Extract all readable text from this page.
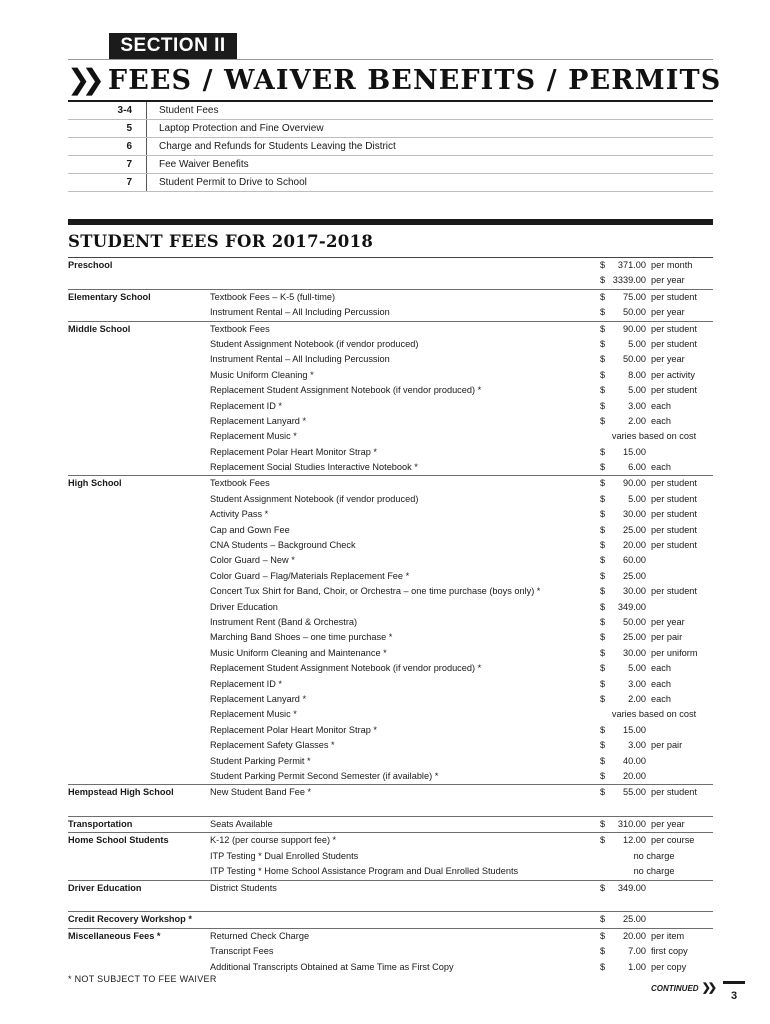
SECTION II
❯❯ FEES / WAIVER BENEFITS / PERMITS
3-4	Student Fees
5	Laptop Protection and Fine Overview
6	Charge and Refunds for Students Leaving the District
7	Fee Waiver Benefits
7	Student Permit to Drive to School
STUDENT FEES FOR 2017-2018
Preschool	$	371.00 per month
$ 3339.00 per year
Elementary School	Textbook Fees – K-5 (full-time)	$	75.00 per student
Instrument Rental – All Including Percussion	$	50.00 per year
Middle School	Textbook Fees	$	90.00 per student
Student Assignment Notebook (if vendor produced)	$	5.00 per student
Instrument Rental – All Including Percussion	$	50.00 per year
Music Uniform Cleaning *	$	8.00 per activity
Replacement Student Assignment Notebook (if vendor produced) *	$	5.00 per student
Replacement ID *	$	3.00 each
Replacement Lanyard *	$	2.00 each
Replacement Music *	varies based on cost
Replacement Polar Heart Monitor Strap *	$	15.00
Replacement Social Studies Interactive Notebook *	$	6.00 each
High School	Textbook Fees	$	90.00 per student
Student Assignment Notebook (if vendor produced)	$	5.00 per student
Activity Pass *	$	30.00 per student
Cap and Gown Fee	$	25.00 per student
CNA Students – Background Check	$	20.00 per student
Color Guard – New *	$	60.00
Color Guard – Flag/Materials Replacement Fee *	$	25.00
Concert Tux Shirt for Band, Choir, or Orchestra – one time purchase (boys only) *	$	30.00 per student
Driver Education	$	349.00
Instrument Rent (Band & Orchestra)	$	50.00 per year
Marching Band Shoes – one time purchase *	$	25.00 per pair
Music Uniform Cleaning and Maintenance *	$	30.00 per uniform
Replacement Student Assignment Notebook (if vendor produced) *	$	5.00 each
Replacement ID *	$	3.00 each
Replacement Lanyard *	$	2.00 each
Replacement Music *	varies based on cost
Replacement Polar Heart Monitor Strap *	$	15.00
Replacement Safety Glasses *	$	3.00 per pair
Student Parking Permit *	$	40.00
Student Parking Permit Second Semester (if available) *	$	20.00
Hempstead High School	New Student Band Fee *	$	55.00 per student
Transportation	Seats Available	$	310.00 per year
Home School Students	K-12 (per course support fee) *	$	12.00 per course
ITP Testing * Dual Enrolled Students	no charge
ITP Testing * Home School Assistance Program and Dual Enrolled Students	no charge
Driver Education	District Students	$	349.00
Credit Recovery Workshop *	$	25.00
Miscellaneous Fees *	Returned Check Charge	$	20.00 per item
Transcript Fees	$	7.00 first copy
Additional Transcripts Obtained at Same Time as First Copy	$	1.00 per copy
* NOT SUBJECT TO FEE WAIVER
CONTINUED ❯❯
3
